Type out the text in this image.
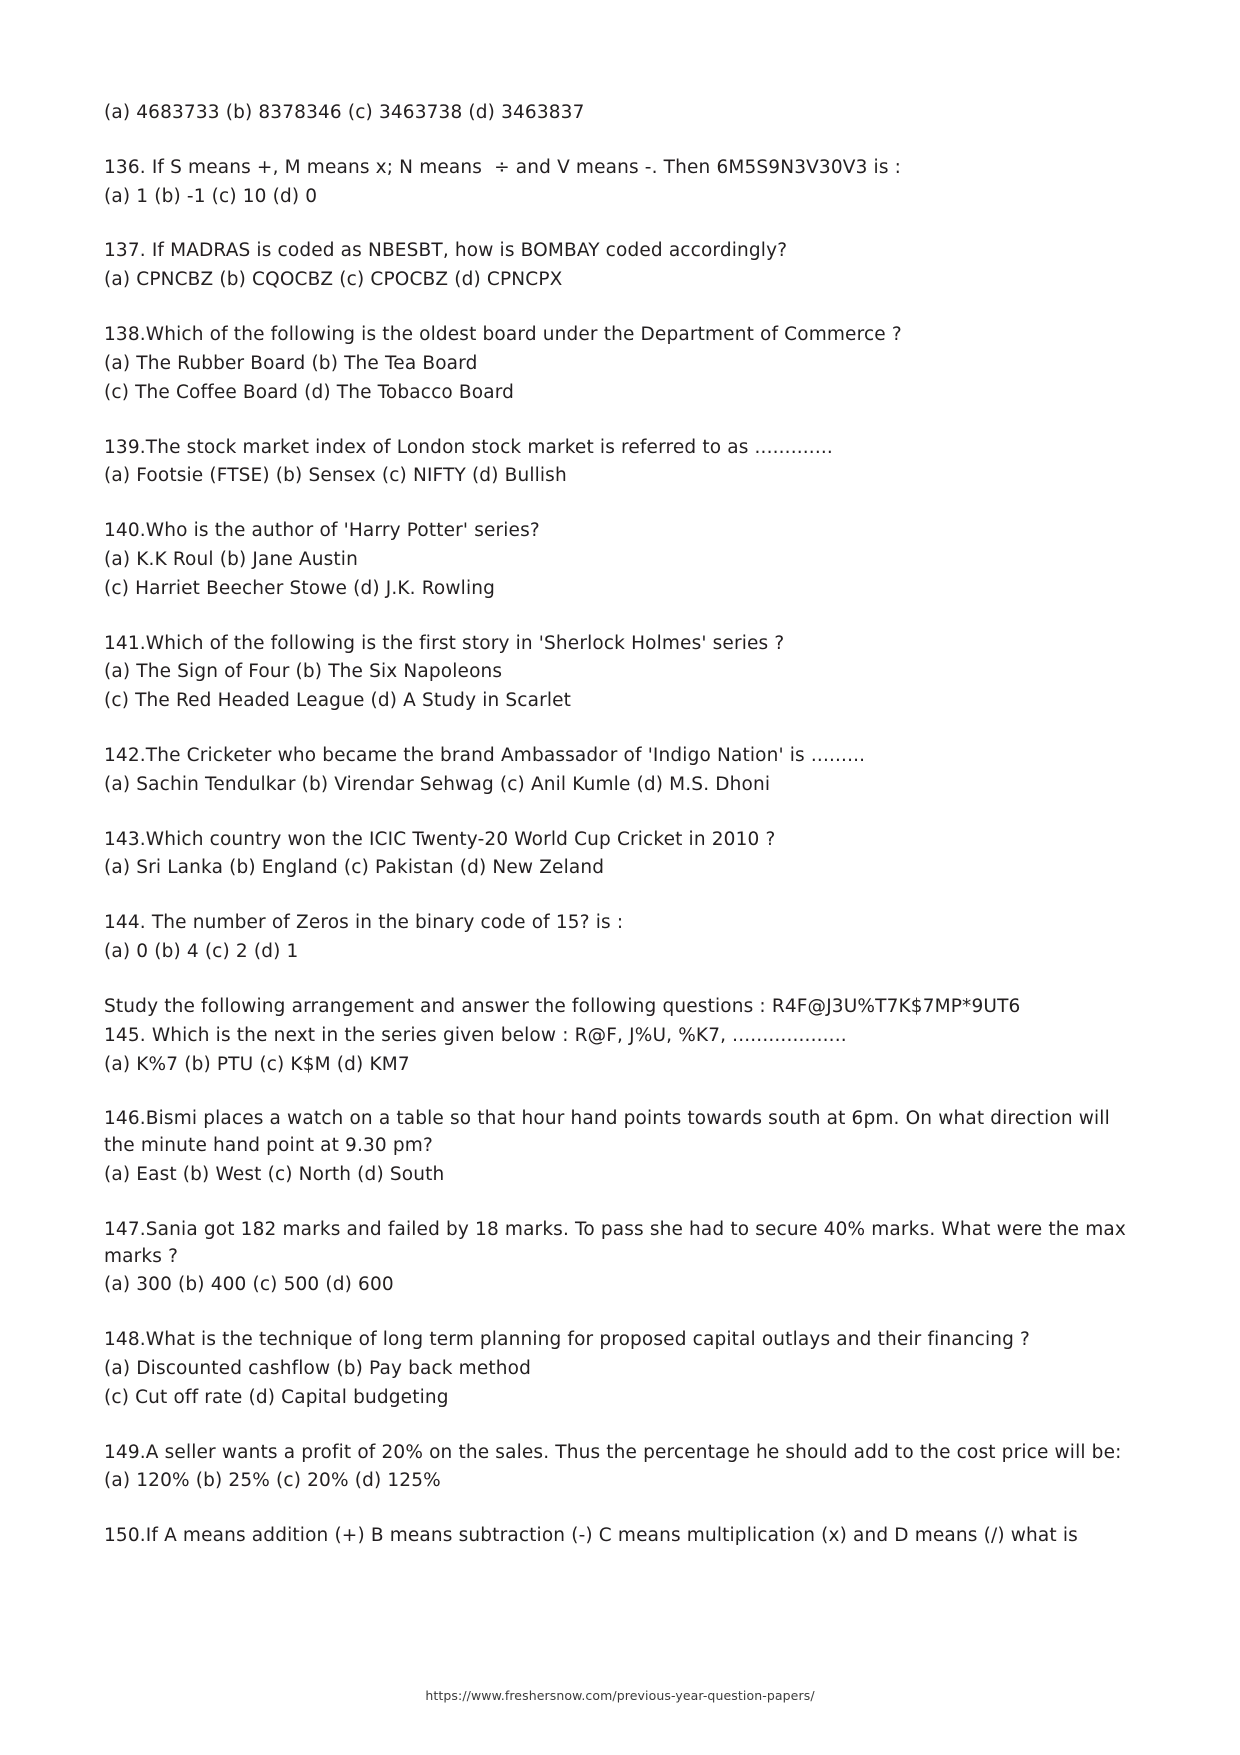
(a) 4683733 (b) 8378346 (c) 3463738 (d) 3463837

136. If S means +, M means x; N means  ÷ and V means -. Then 6M5S9N3V30V3 is :

(a) 1 (b) -1 (c) 10 (d) 0

137. If MADRAS is coded as NBESBT, how is BOMBAY coded accordingly?

(a) CPNCBZ (b) CQOCBZ (c) CPOCBZ (d) CPNCPX

138.Which of the following is the oldest board under the Department of Commerce ?

(a) The Rubber Board (b) The Tea Board

(c) The Coffee Board (d) The Tobacco Board

139.The stock market index of London stock market is referred to as .............

(a) Footsie (FTSE) (b) Sensex (c) NIFTY (d) Bullish

140.Who is the author of 'Harry Potter' series?

(a) K.K Roul (b) Jane Austin

(c) Harriet Beecher Stowe (d) J.K. Rowling

141.Which of the following is the first story in 'Sherlock Holmes' series ?

(a) The Sign of Four (b) The Six Napoleons

(c) The Red Headed League (d) A Study in Scarlet

142.The Cricketer who became the brand Ambassador of 'Indigo Nation' is .........

(a) Sachin Tendulkar (b) Virendar Sehwag (c) Anil Kumle (d) M.S. Dhoni

143.Which country won the ICIC Twenty-20 World Cup Cricket in 2010 ?

(a) Sri Lanka (b) England (c) Pakistan (d) New Zeland

144. The number of Zeros in the binary code of 15? is :

(a) 0 (b) 4 (c) 2 (d) 1

Study the following arrangement and answer the following questions : R4F@J3U%T7K$7MP*9UT6

145. Which is the next in the series given below : R@F, J%U, %K7, ...................

(a) K%7 (b) PTU (c) K$M (d) KM7

146.Bismi places a watch on a table so that hour hand points towards south at 6pm. On what direction will the minute hand point at 9.30 pm?

(a) East (b) West (c) North (d) South

147.Sania got 182 marks and failed by 18 marks. To pass she had to secure 40% marks. What were the max marks ?

(a) 300 (b) 400 (c) 500 (d) 600

148.What is the technique of long term planning for proposed capital outlays and their financing ?

(a) Discounted cashflow (b) Pay back method

(c) Cut off rate (d) Capital budgeting

149.A seller wants a profit of 20% on the sales. Thus the percentage he should add to the cost price will be:

(a) 120% (b) 25% (c) 20% (d) 125%

150.If A means addition (+) B means subtraction (-) C means multiplication (x) and D means (/) what is

https://www.freshersnow.com/previous-year-question-papers/
